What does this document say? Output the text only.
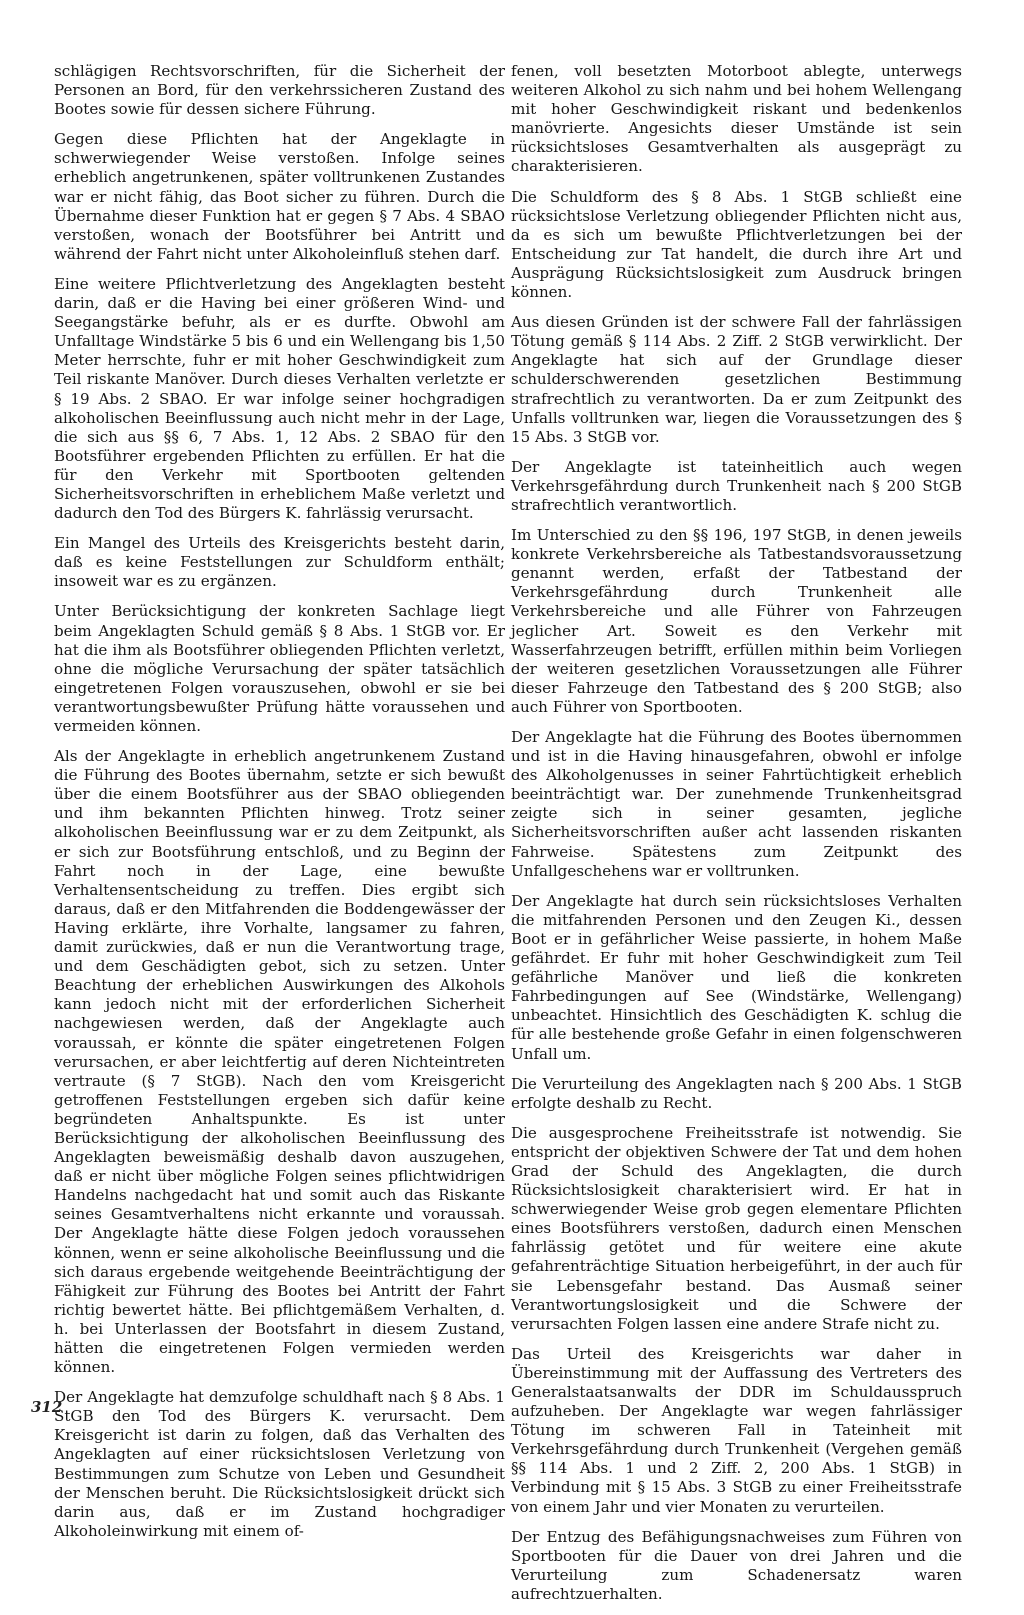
schlägigen Rechtsvorschriften, für die Sicherheit der Personen an Bord, für den verkehrssicheren Zustand des Bootes sowie für dessen sichere Führung.

Gegen diese Pflichten hat der Angeklagte in schwerwiegender Weise verstoßen. Infolge seines erheblich angetrunkenen, später volltrunkenen Zustandes war er nicht fähig, das Boot sicher zu führen. Durch die Übernahme dieser Funktion hat er gegen § 7 Abs. 4 SBAO verstoßen, wonach der Bootsführer bei Antritt und während der Fahrt nicht unter Alkoholeinfluß stehen darf.

Eine weitere Pflichtverletzung des Angeklagten besteht darin, daß er die Having bei einer größeren Wind- und Seegangstärke befuhr, als er es durfte. Obwohl am Unfalltage Windstärke 5 bis 6 und ein Wellengang bis 1,50 Meter herrschte, fuhr er mit hoher Geschwindigkeit zum Teil riskante Manöver. Durch dieses Verhalten verletzte er § 19 Abs. 2 SBAO. Er war infolge seiner hochgradigen alkoholischen Beeinflussung auch nicht mehr in der Lage, die sich aus §§ 6, 7 Abs. 1, 12 Abs. 2 SBAO für den Bootsführer ergebenden Pflichten zu erfüllen. Er hat die für den Verkehr mit Sportbooten geltenden Sicherheitsvorschriften in erheblichem Maße verletzt und dadurch den Tod des Bürgers K. fahrlässig verursacht.

Ein Mangel des Urteils des Kreisgerichts besteht darin, daß es keine Feststellungen zur Schuldform enthält; insoweit war es zu ergänzen.

Unter Berücksichtigung der konkreten Sachlage liegt beim Angeklagten Schuld gemäß § 8 Abs. 1 StGB vor. Er hat die ihm als Bootsführer obliegenden Pflichten verletzt, ohne die mögliche Verursachung der später tatsächlich eingetretenen Folgen vorauszusehen, obwohl er sie bei verantwortungsbewußter Prüfung hätte voraussehen und vermeiden können.

Als der Angeklagte in erheblich angetrunkenem Zustand die Führung des Bootes übernahm, setzte er sich bewußt über die einem Bootsführer aus der SBAO obliegenden und ihm bekannten Pflichten hinweg. Trotz seiner alkoholischen Beeinflussung war er zu dem Zeitpunkt, als er sich zur Bootsführung entschloß, und zu Beginn der Fahrt noch in der Lage, eine bewußte Verhaltensentscheidung zu treffen. Dies ergibt sich daraus, daß er den Mitfahrenden die Boddengewässer der Having erklärte, ihre Vorhalte, langsamer zu fahren, damit zurückwies, daß er nun die Verantwortung trage, und dem Geschädigten gebot, sich zu setzen. Unter Beachtung der erheblichen Auswirkungen des Alkohols kann jedoch nicht mit der erforderlichen Sicherheit nachgewiesen werden, daß der Angeklagte auch voraussah, er könnte die später eingetretenen Folgen verursachen, er aber leichtfertig auf deren Nichteintreten vertraute (§ 7 StGB). Nach den vom Kreisgericht getroffenen Feststellungen ergeben sich dafür keine begründeten Anhaltspunkte. Es ist unter Berücksichtigung der alkoholischen Beeinflussung des Angeklagten beweismäßig deshalb davon auszugehen, daß er nicht über mögliche Folgen seines pflichtwidrigen Handelns nachgedacht hat und somit auch das Riskante seines Gesamtverhaltens nicht erkannte und voraussah. Der Angeklagte hätte diese Folgen jedoch voraussehen können, wenn er seine alkoholische Beeinflussung und die sich daraus ergebende weitgehende Beeinträchtigung der Fähigkeit zur Führung des Bootes bei Antritt der Fahrt richtig bewertet hätte. Bei pflichtgemäßem Verhalten, d. h. bei Unterlassen der Bootsfahrt in diesem Zustand, hätten die eingetretenen Folgen vermieden werden können.

Der Angeklagte hat demzufolge schuldhaft nach § 8 Abs. 1 StGB den Tod des Bürgers K. verursacht. Dem Kreisgericht ist darin zu folgen, daß das Verhalten des Angeklagten auf einer rücksichtslosen Verletzung von Bestimmungen zum Schutze von Leben und Gesundheit der Menschen beruht. Die Rücksichtslosigkeit drückt sich darin aus, daß er im Zustand hochgradiger Alkoholeinwirkung mit einem of-

fenen, voll besetzten Motorboot ablegte, unterwegs weiteren Alkohol zu sich nahm und bei hohem Wellengang mit hoher Geschwindigkeit riskant und bedenkenlos manövrierte. Angesichts dieser Umstände ist sein rücksichtsloses Gesamtverhalten als ausgeprägt zu charakterisieren.

Die Schuldform des § 8 Abs. 1 StGB schließt eine rücksichtslose Verletzung obliegender Pflichten nicht aus, da es sich um bewußte Pflichtverletzungen bei der Entscheidung zur Tat handelt, die durch ihre Art und Ausprägung Rücksichtslosigkeit zum Ausdruck bringen können.

Aus diesen Gründen ist der schwere Fall der fahrlässigen Tötung gemäß § 114 Abs. 2 Ziff. 2 StGB verwirklicht. Der Angeklagte hat sich auf der Grundlage dieser schulderschwerenden gesetzlichen Bestimmung strafrechtlich zu verantworten. Da er zum Zeitpunkt des Unfalls volltrunken war, liegen die Voraussetzungen des § 15 Abs. 3 StGB vor.

Der Angeklagte ist tateinheitlich auch wegen Verkehrsgefährdung durch Trunkenheit nach § 200 StGB strafrechtlich verantwortlich.

Im Unterschied zu den §§ 196, 197 StGB, in denen jeweils konkrete Verkehrsbereiche als Tatbestandsvoraussetzung genannt werden, erfaßt der Tatbestand der Verkehrsgefährdung durch Trunkenheit alle Verkehrsbereiche und alle Führer von Fahrzeugen jeglicher Art. Soweit es den Verkehr mit Wasserfahrzeugen betrifft, erfüllen mithin beim Vorliegen der weiteren gesetzlichen Voraussetzungen alle Führer dieser Fahrzeuge den Tatbestand des § 200 StGB; also auch Führer von Sportbooten.

Der Angeklagte hat die Führung des Bootes übernommen und ist in die Having hinausgefahren, obwohl er infolge des Alkoholgenusses in seiner Fahrtüchtigkeit erheblich beeinträchtigt war. Der zunehmende Trunkenheitsgrad zeigte sich in seiner gesamten, jegliche Sicherheitsvorschriften außer acht lassenden riskanten Fahrweise. Spätestens zum Zeitpunkt des Unfallgeschehens war er volltrunken.

Der Angeklagte hat durch sein rücksichtsloses Verhalten die mitfahrenden Personen und den Zeugen Ki., dessen Boot er in gefährlicher Weise passierte, in hohem Maße gefährdet. Er fuhr mit hoher Geschwindigkeit zum Teil gefährliche Manöver und ließ die konkreten Fahrbedingungen auf See (Windstärke, Wellengang) unbeachtet. Hinsichtlich des Geschädigten K. schlug die für alle bestehende große Gefahr in einen folgenschweren Unfall um.

Die Verurteilung des Angeklagten nach § 200 Abs. 1 StGB erfolgte deshalb zu Recht.

Die ausgesprochene Freiheitsstrafe ist notwendig. Sie entspricht der objektiven Schwere der Tat und dem hohen Grad der Schuld des Angeklagten, die durch Rücksichtslosigkeit charakterisiert wird. Er hat in schwerwiegender Weise grob gegen elementare Pflichten eines Bootsführers verstoßen, dadurch einen Menschen fahrlässig getötet und für weitere eine akute gefahrenträchtige Situation herbeigeführt, in der auch für sie Lebensgefahr bestand. Das Ausmaß seiner Verantwortungslosigkeit und die Schwere der verursachten Folgen lassen eine andere Strafe nicht zu.

Das Urteil des Kreisgerichts war daher in Übereinstimmung mit der Auffassung des Vertreters des Generalstaatsanwalts der DDR im Schuldausspruch aufzuheben. Der Angeklagte war wegen fahrlässiger Tötung im schweren Fall in Tateinheit mit Verkehrsgefährdung durch Trunkenheit (Vergehen gemäß §§ 114 Abs. 1 und 2 Ziff. 2, 200 Abs. 1 StGB) in Verbindung mit § 15 Abs. 3 StGB zu einer Freiheitsstrafe von einem Jahr und vier Monaten zu verurteilen.

Der Entzug des Befähigungsnachweises zum Führen von Sportbooten für die Dauer von drei Jahren und die Verurteilung zum Schadenersatz waren aufrechtzuerhalten.

312
